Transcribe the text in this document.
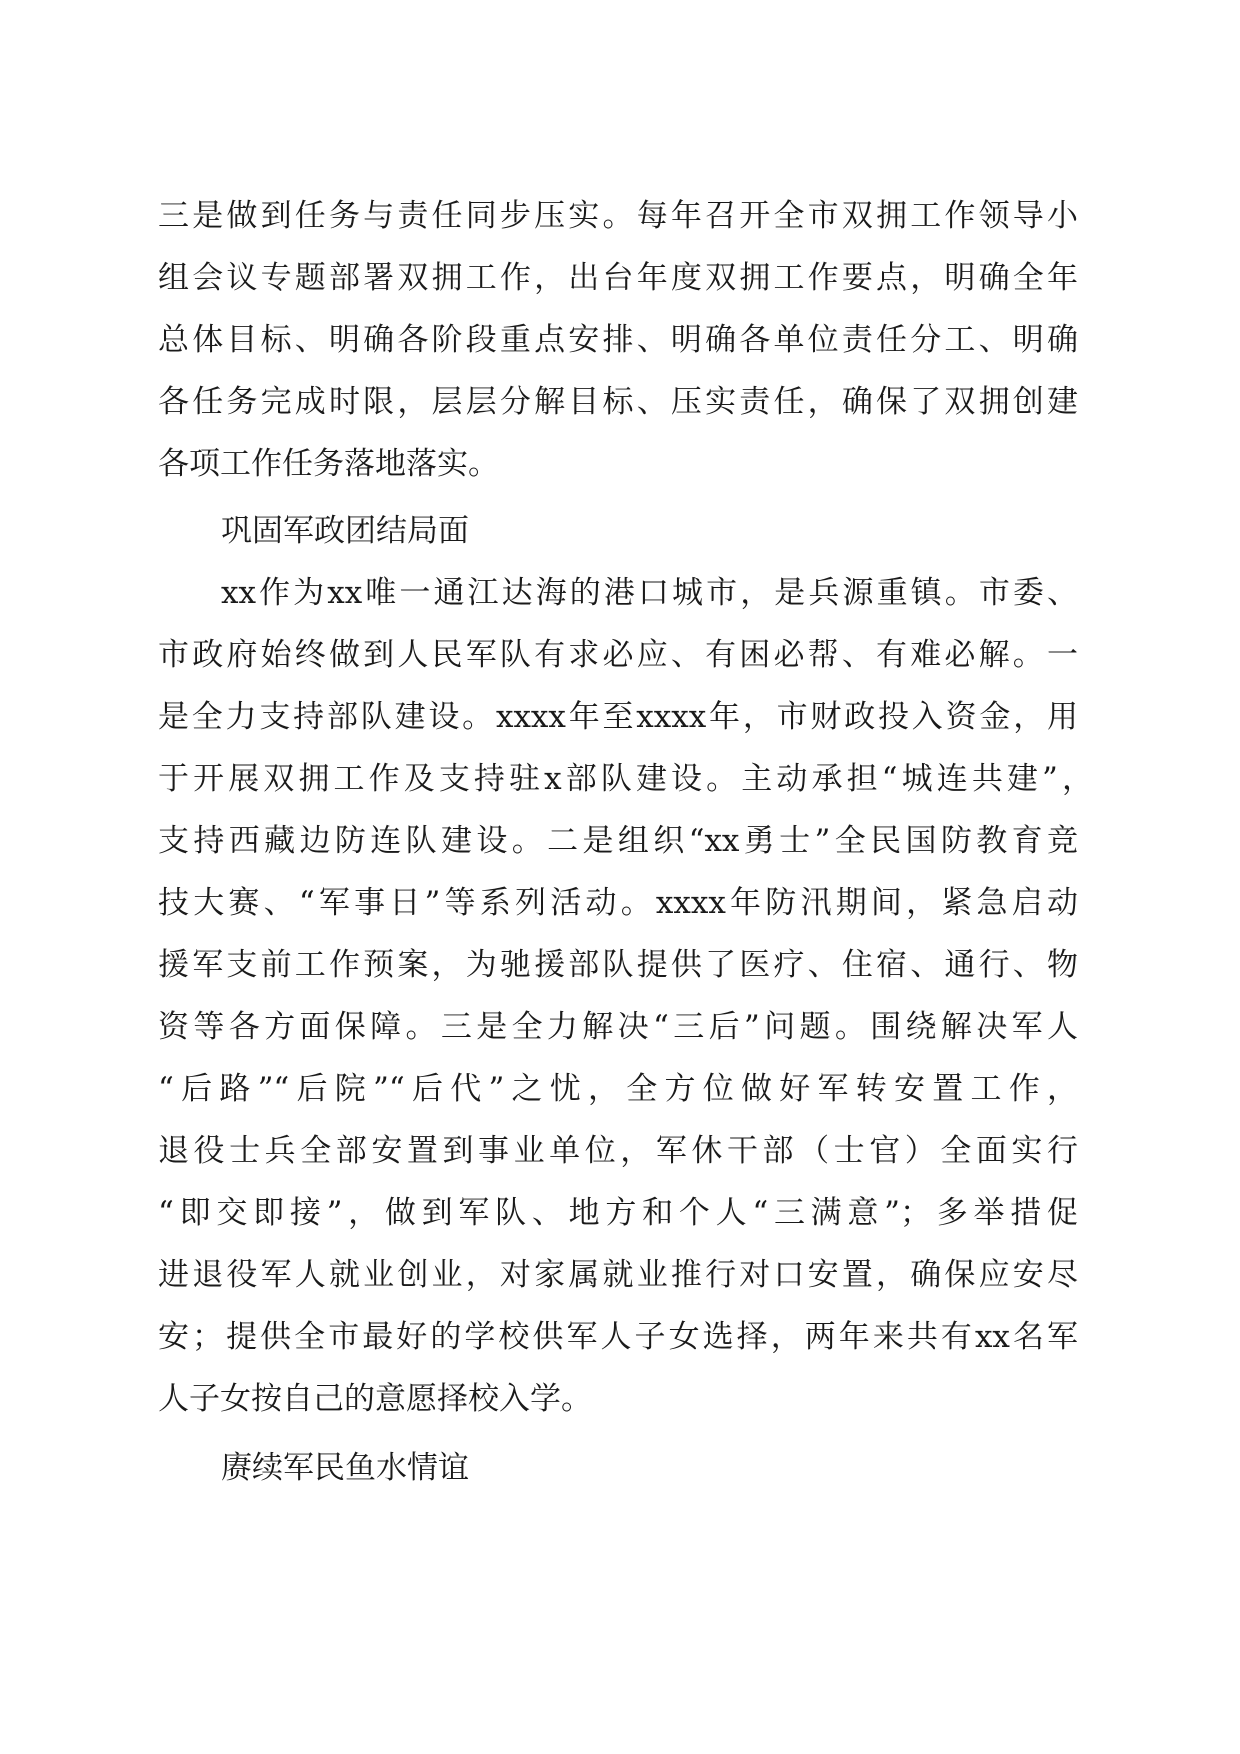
三是做到任务与责任同步压实。每年召开全市双拥工作领导小
组会议专题部署双拥工作，出台年度双拥工作要点，明确全年
总体目标、明确各阶段重点安排、明确各单位责任分工、明确
各任务完成时限，层层分解目标、压实责任，确保了双拥创建
各项工作任务落地落实。
巩固军政团结局面
xx作为xx唯一通江达海的港口城市，是兵源重镇。市委、
市政府始终做到人民军队有求必应、有困必帮、有难必解。一
是全力支持部队建设。xxxx年至xxxx年，市财政投入资金，用
于开展双拥工作及支持驻x部队建设。主动承担“城连共建”，
支持西藏边防连队建设。二是组织“xx勇士”全民国防教育竞
技大赛、“军事日”等系列活动。xxxx年防汛期间，紧急启动
援军支前工作预案，为驰援部队提供了医疗、住宿、通行、物
资等各方面保障。三是全力解决“三后”问题。围绕解决军人
“后路”“后院”“后代”之忧，全方位做好军转安置工作，
退役士兵全部安置到事业单位，军休干部（士官）全面实行
“即交即接”，做到军队、地方和个人“三满意”；多举措促
进退役军人就业创业，对家属就业推行对口安置，确保应安尽
安；提供全市最好的学校供军人子女选择，两年来共有xx名军
人子女按自己的意愿择校入学。
赓续军民鱼水情谊
